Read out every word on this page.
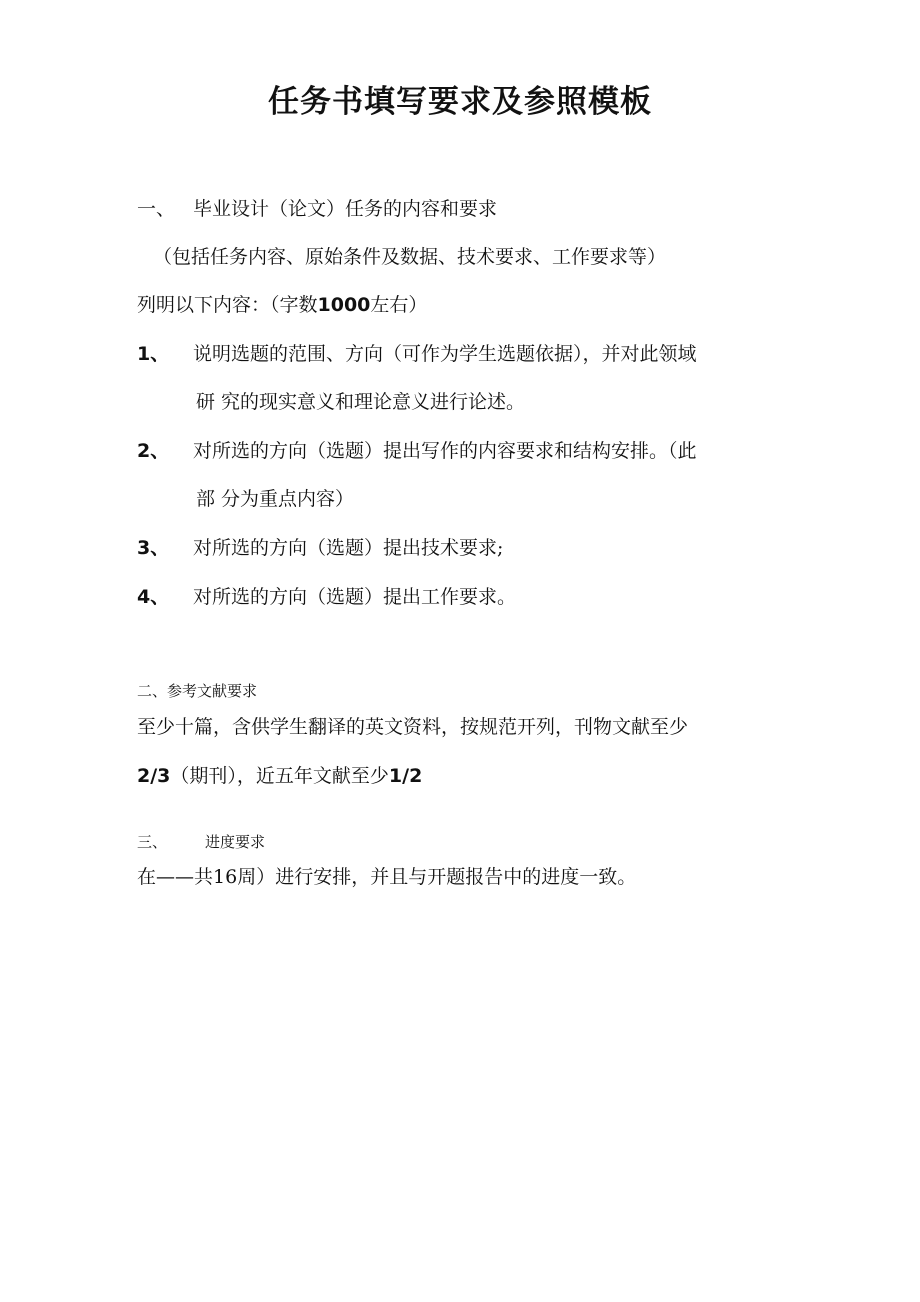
任务书填写要求及参照模板
一、 毕业设计（论文）任务的内容和要求
（包括任务内容、原始条件及数据、技术要求、工作要求等）
列明以下内容：（字数1000左右）
1、 说明选题的范围、方向（可作为学生选题依据），并对此领域
研 究的现实意义和理论意义进行论述。
2、 对所选的方向（选题）提出写作的内容要求和结构安排。（此
部 分为重点内容）
3、 对所选的方向（选题）提出技术要求;
4、 对所选的方向（选题）提出工作要求。
二、参考文献要求
至少十篇，含供学生翻译的英文资料，按规范开列，刊物文献至少
2/3（期刊），近五年文献至少1/2
三、	进度要求
在——共16周）进行安排，并且与开题报告中的进度一致。
